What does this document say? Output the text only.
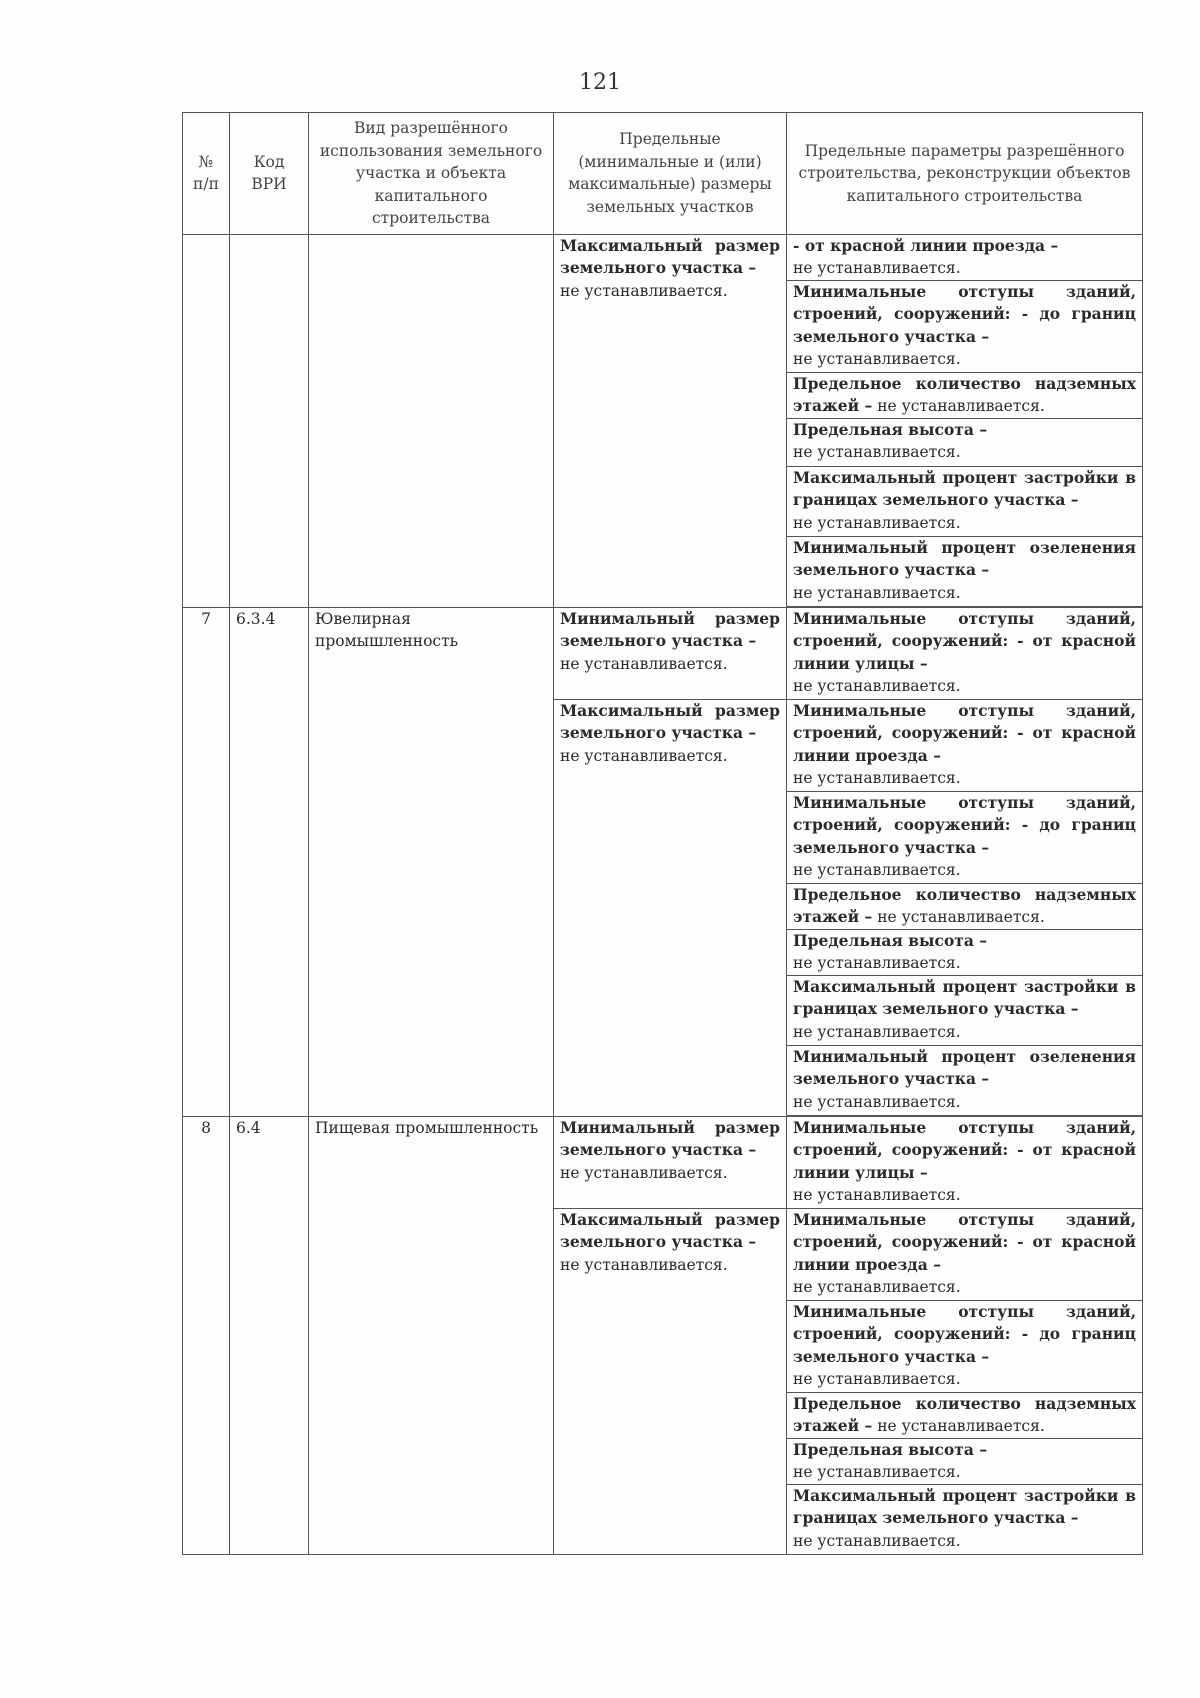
121
№ п/п	Код ВРИ	Вид разрешённого использования земельного участка и объекта капитального строительства	Предельные (минимальные и (или) максимальные) размеры земельных участков	Предельные параметры разрешённого строительства, реконструкции объектов капитального строительства
			Максимальный размер земельного участка –
не устанавливается.	- от красной линии проезда –
не устанавливается.
				Минимальные отступы зданий, строений, сооружений: - до границ земельного участка –
не устанавливается.
				Предельное количество надземных этажей – не устанавливается.
				Предельная высота –
не устанавливается.
				Максимальный процент застройки в границах земельного участка –
не устанавливается.
				Минимальный процент озеленения земельного участка –
не устанавливается.

7	6.3.4	Ювелирная промышленность	Минимальный размер земельного участка –
не устанавливается.	Минимальные отступы зданий, строений, сооружений: - от красной линии улицы –
не устанавливается.
			Максимальный размер земельного участка –
не устанавливается.	Минимальные отступы зданий, строений, сооружений: - от красной линии проезда –
не устанавливается.
				Минимальные отступы зданий, строений, сооружений: - до границ земельного участка –
не устанавливается.
				Предельное количество надземных этажей – не устанавливается.
				Предельная высота –
не устанавливается.
				Максимальный процент застройки в границах земельного участка –
не устанавливается.
				Минимальный процент озеленения земельного участка –
не устанавливается.

8	6.4	Пищевая промышленность	Минимальный размер земельного участка –
не устанавливается.	Минимальные отступы зданий, строений, сооружений: - от красной линии улицы –
не устанавливается.
			Максимальный размер земельного участка –
не устанавливается.	Минимальные отступы зданий, строений, сооружений: - от красной линии проезда –
не устанавливается.
				Минимальные отступы зданий, строений, сооружений: - до границ земельного участка –
не устанавливается.
				Предельное количество надземных этажей – не устанавливается.
				Предельная высота –
не устанавливается.
				Максимальный процент застройки в границах земельного участка –
не устанавливается.
